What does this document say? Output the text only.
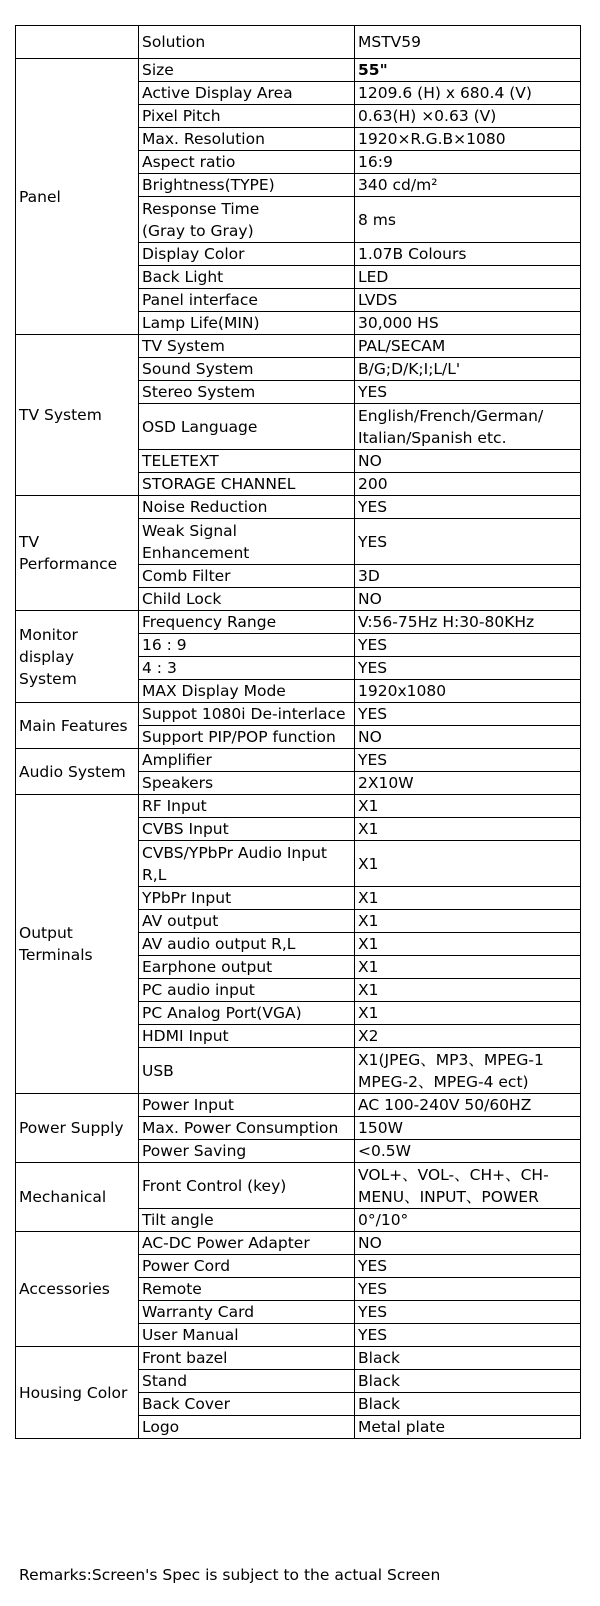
	Solution	MSTV59
Panel	Size	55"
	Active Display Area	1209.6 (H) x 680.4 (V)
	Pixel Pitch	0.63(H) ×0.63 (V)
	Max. Resolution	1920×R.G.B×1080
	Aspect ratio	16:9
	Brightness(TYPE)	340 cd/m²
	Response Time
(Gray to Gray)	8 ms
	Display Color	1.07B Colours
	Back Light	LED
	Panel interface	LVDS
	Lamp Life(MIN)	30,000 HS
TV System	TV System	PAL/SECAM
	Sound System	B/G;D/K;I;L/L'
	Stereo System	YES
	OSD Language	English/French/German/
Italian/Spanish etc.
	TELETEXT	NO
	STORAGE CHANNEL	200
TV
Performance	Noise Reduction	YES
	Weak Signal
Enhancement	YES
	Comb Filter	3D
	Child Lock	NO
Monitor
display
System	Frequency Range	V:56-75Hz H:30-80KHz
	16 : 9	YES
	4 : 3	YES
	MAX Display Mode	1920x1080
Main Features	Suppot 1080i De-interlace	YES
	Support PIP/POP function	NO
Audio System	Amplifier	YES
	Speakers	2X10W
Output
Terminals	RF Input	X1
	CVBS Input	X1
	CVBS/YPbPr Audio Input
R,L	X1
	YPbPr Input	X1
	AV output	X1
	AV audio output R,L	X1
	Earphone output	X1
	PC audio input	X1
	PC Analog Port(VGA)	X1
	HDMI Input	X2
	USB	X1(JPEG、MP3、MPEG-1
MPEG-2、MPEG-4 ect)
Power Supply	Power Input	AC 100-240V 50/60HZ
	Max. Power Consumption	150W
	Power Saving	<0.5W
Mechanical	Front Control (key)	VOL+、VOL-、CH+、CH-
MENU、INPUT、POWER
	Tilt angle	0°/10°
Accessories	AC-DC Power Adapter	NO
	Power Cord	YES
	Remote	YES
	Warranty Card	YES
	User Manual	YES
Housing Color	Front bazel	Black
	Stand	Black
	Back Cover	Black
	Logo	Metal plate
Remarks:Screen's Spec is subject to the actual Screen
